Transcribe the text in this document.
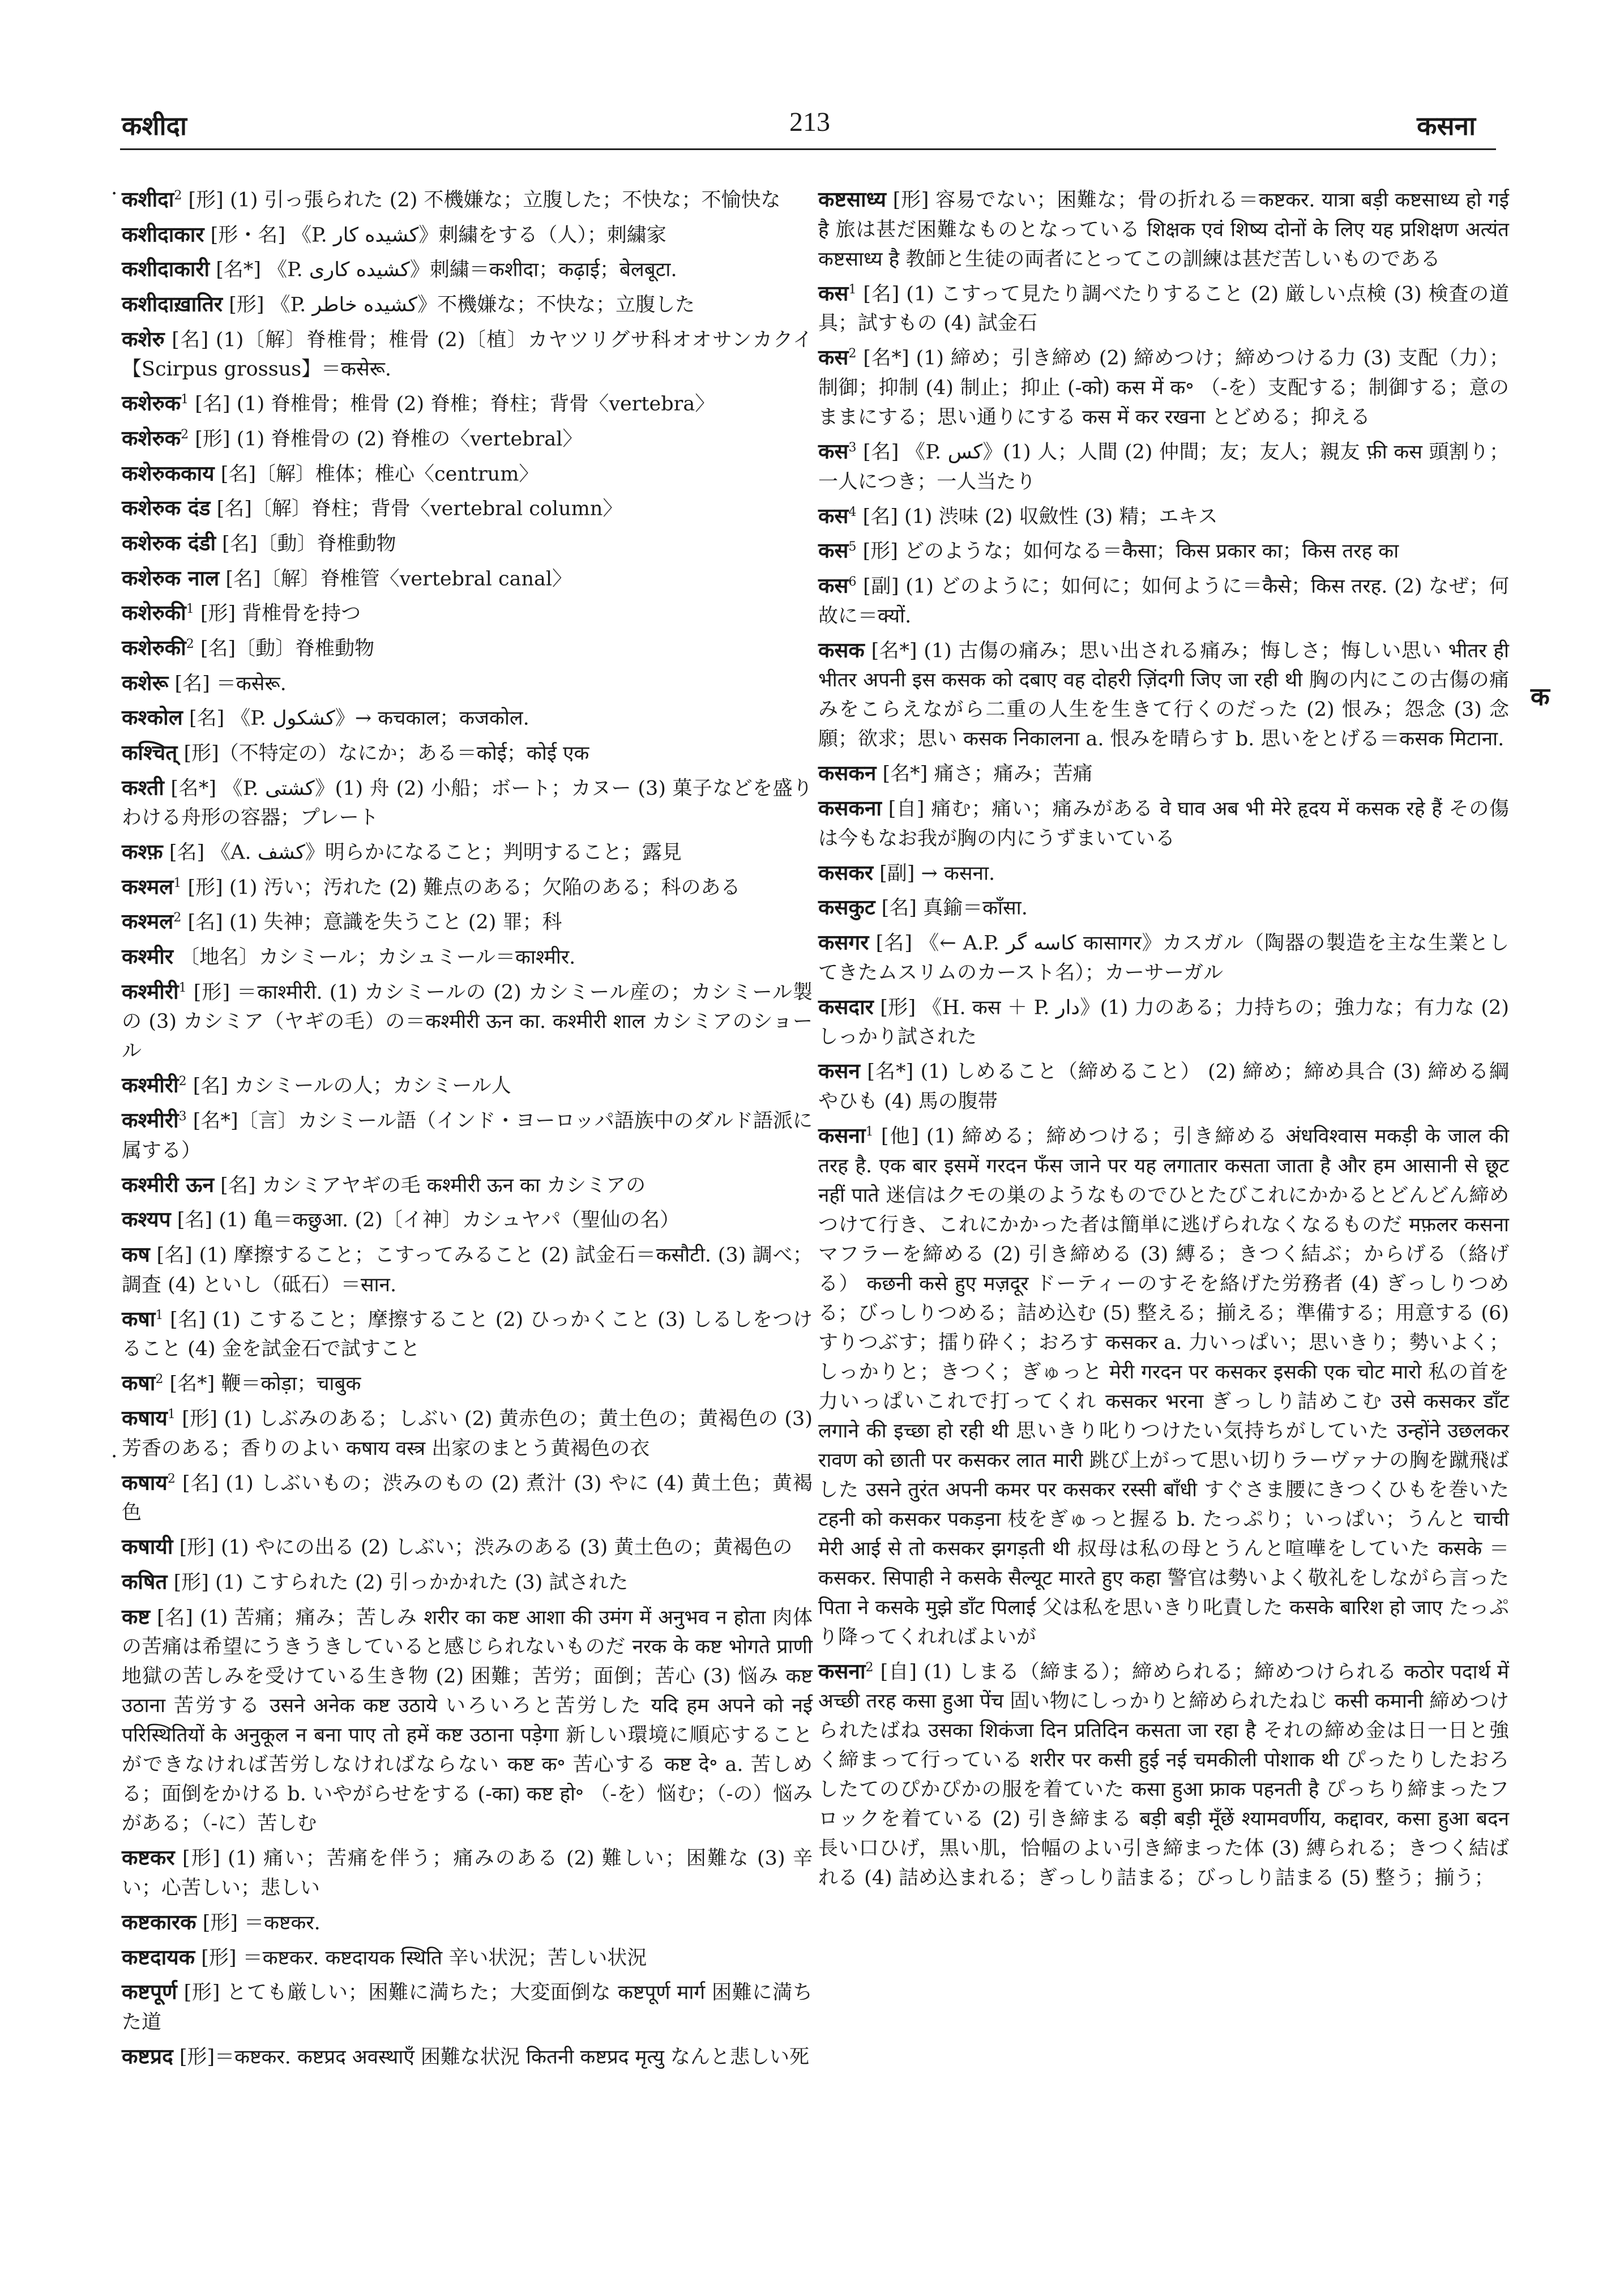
कशीदा	213	कसना
·
·
कशीदा$^2$ [形] (1) 引っ張られた (2) 不機嫌な；立腹した；不快な；不愉快な
कशीदाकार [形・名] 《P. کشیده کار》刺繍をする（人）；刺繍家
कशीदाकारी [名*] 《P. کشیده کاری》刺繍＝कशीदा；कढ़ाई；बेलबूटा.
कशीदाख़ातिर [形] 《P. کشیده خاطر》不機嫌な；不快な；立腹した
कशेरु [名] (1)〔解〕脊椎骨；椎骨 (2)〔植〕カヤツリグサ科オオサンカクイ【Scirpus grossus】＝कसेरू.
कशेरुक$^1$ [名] (1) 脊椎骨；椎骨 (2) 脊椎；脊柱；背骨〈vertebra〉
कशेरुक$^2$ [形] (1) 脊椎骨の (2) 脊椎の〈vertebral〉
कशेरुककाय [名]〔解〕椎体；椎心〈centrum〉
कशेरुक दंड [名]〔解〕脊柱；背骨〈vertebral column〉
कशेरुक दंडी [名]〔動〕脊椎動物
कशेरुक नाल [名]〔解〕脊椎管〈vertebral canal〉
कशेरुकी$^1$ [形] 背椎骨を持つ
कशेरुकी$^2$ [名]〔動〕脊椎動物
कशेरू [名] ＝कसेरू.
कश्कोल [名] 《P. کشکول》→ कचकाल；कजकोल.
कश्चित् [形]（不特定の）なにか；ある＝कोई；कोई एक
कश्ती [名*] 《P. کشتی》(1) 舟 (2) 小船；ボート；カヌー (3) 菓子などを盛りわける舟形の容器；プレート
कश्फ़ [名] 《A. کشف》明らかになること；判明すること；露見
कश्मल$^1$ [形] (1) 汚い；汚れた (2) 難点のある；欠陥のある；科のある
कश्मल$^2$ [名] (1) 失神；意識を失うこと (2) 罪；科
कश्मीर 〔地名〕カシミール；カシュミール＝काश्मीर.
कश्मीरी$^1$ [形] ＝काश्मीरी. (1) カシミールの (2) カシミール産の；カシミール製の (3) カシミア（ヤギの毛）の＝कश्मीरी ऊन का. कश्मीरी शाल カシミアのショール
कश्मीरी$^2$ [名] カシミールの人；カシミール人
कश्मीरी$^3$ [名*]〔言〕カシミール語（インド・ヨーロッパ語族中のダルド語派に属する）
कश्मीरी ऊन [名] カシミアヤギの毛 कश्मीरी ऊन का カシミアの
कश्यप [名] (1) 亀＝कछुआ. (2)〔イ神〕カシュヤパ（聖仙の名）
कष [名] (1) 摩擦すること；こすってみること (2) 試金石＝कसौटी. (3) 調べ；調査 (4) といし（砥石）＝सान.
कषा$^1$ [名] (1) こすること；摩擦すること (2) ひっかくこと (3) しるしをつけること (4) 金を試金石で試すこと
कषा$^2$ [名*] 鞭＝कोड़ा；चाबुक
कषाय$^1$ [形] (1) しぶみのある；しぶい (2) 黄赤色の；黄土色の；黄褐色の (3) 芳香のある；香りのよい कषाय वस्त्र 出家のまとう黄褐色の衣
कषाय$^2$ [名] (1) しぶいもの；渋みのもの (2) 煮汁 (3) やに (4) 黄土色；黄褐色
कषायी [形] (1) やにの出る (2) しぶい；渋みのある (3) 黄土色の；黄褐色の
कषित [形] (1) こすられた (2) 引っかかれた (3) 試された
कष्ट [名] (1) 苦痛；痛み；苦しみ शरीर का कष्ट आशा की उमंग में अनुभव न होता 肉体の苦痛は希望にうきうきしていると感じられないものだ नरक के कष्ट भोगते प्राणी 地獄の苦しみを受けている生き物 (2) 困難；苦労；面倒；苦心 (3) 悩み कष्ट उठाना 苦労する उसने अनेक कष्ट उठाये いろいろと苦労した यदि हम अपने को नई परिस्थितियों के अनुकूल न बना पाए तो हमें कष्ट उठाना पड़ेगा 新しい環境に順応することができなければ苦労しなければならない कष्ट क॰ 苦心する कष्ट दे॰ a. 苦しめる；面倒をかける b. いやがらせをする (-का) कष्ट हो॰ （-を）悩む；（-の）悩みがある；（-に）苦しむ
कष्टकर [形] (1) 痛い；苦痛を伴う；痛みのある (2) 難しい；困難な (3) 辛い；心苦しい；悲しい
कष्टकारक [形] ＝कष्टकर.
कष्टदायक [形] ＝कष्टकर. कष्टदायक स्थिति 辛い状況；苦しい状況
कष्टपूर्ण [形] とても厳しい；困難に満ちた；大変面倒な कष्टपूर्ण मार्ग 困難に満ちた道
कष्टप्रद [形]＝कष्टकर. कष्टप्रद अवस्थाएँ 困難な状況 कितनी कष्टप्रद मृत्यु なんと悲しい死
कष्टसाध्य [形] 容易でない；困難な；骨の折れる＝कष्टकर. यात्रा बड़ी कष्टसाध्य हो गई है 旅は甚だ困難なものとなっている शिक्षक एवं शिष्य दोनों के लिए यह प्रशिक्षण अत्यंत कष्टसाध्य है 教師と生徒の両者にとってこの訓練は甚だ苦しいものである
कस$^1$ [名] (1) こすって見たり調べたりすること (2) 厳しい点検 (3) 検査の道具；試すもの (4) 試金石
कस$^2$ [名*] (1) 締め；引き締め (2) 締めつけ；締めつける力 (3) 支配（力）；制御；抑制 (4) 制止；抑止 (-को) कस में क॰ （-を）支配する；制御する；意のままにする；思い通りにする कस में कर रखना とどめる；抑える
कस$^3$ [名] 《P. کس》(1) 人；人間 (2) 仲間；友；友人；親友 फ़ी कस 頭割り；一人につき；一人当たり
कस$^4$ [名] (1) 渋味 (2) 収斂性 (3) 精；エキス
कस$^5$ [形] どのような；如何なる＝कैसा；किस प्रकार का；किस तरह का
कस$^6$ [副] (1) どのように；如何に；如何ように＝कैसे；किस तरह. (2) なぜ；何故に＝क्यों.
कसक [名*] (1) 古傷の痛み；思い出される痛み；悔しさ；悔しい思い भीतर ही भीतर अपनी इस कसक को दबाए वह दोहरी ज़िंदगी जिए जा रही थी 胸の内にこの古傷の痛みをこらえながら二重の人生を生きて行くのだった (2) 恨み；怨念 (3) 念願；欲求；思い कसक निकालना a. 恨みを晴らす b. 思いをとげる＝कसक मिटाना.
कसकन [名*] 痛さ；痛み；苦痛
कसकना [自] 痛む；痛い；痛みがある वे घाव अब भी मेरे हृदय में कसक रहे हैं その傷は今もなお我が胸の内にうずまいている
कसकर [副] → कसना.
कसकुट [名] 真鍮＝काँसा.
कसगर [名] 《← A.P. کاسه گر कासागर》カスガル（陶器の製造を主な生業としてきたムスリムのカースト名）；カーサーガル
कसदार [形] 《H. कस ＋ P. دار》(1) 力のある；力持ちの；強力な；有力な (2) しっかり試された
कसन [名*] (1) しめること（締めること） (2) 締め；締め具合 (3) 締める綱やひも (4) 馬の腹帯
कसना$^1$ [他] (1) 締める；締めつける；引き締める अंधविश्वास मकड़ी के जाल की तरह है. एक बार इसमें गरदन फँस जाने पर यह लगातार कसता जाता है और हम आसानी से छूट नहीं पाते 迷信はクモの巣のようなものでひとたびこれにかかるとどんどん締めつけて行き、これにかかった者は簡単に逃げられなくなるものだ मफ़लर कसना マフラーを締める (2) 引き締める (3) 縛る；きつく結ぶ；からげる（絡げる） कछनी कसे हुए मज़दूर ドーティーのすそを絡げた労務者 (4) ぎっしりつめる；びっしりつめる；詰め込む (5) 整える；揃える；準備する；用意する (6) すりつぶす；擂り砕く；おろす कसकर a. 力いっぱい；思いきり；勢いよく；しっかりと；きつく；ぎゅっと मेरी गरदन पर कसकर इसकी एक चोट मारो 私の首を力いっぱいこれで打ってくれ कसकर भरना ぎっしり詰めこむ उसे कसकर डाँट लगाने की इच्छा हो रही थी 思いきり叱りつけたい気持ちがしていた उन्होंने उछलकर रावण को छाती पर कसकर लात मारी 跳び上がって思い切りラーヴァナの胸を蹴飛ばした उसने तुरंत अपनी कमर पर कसकर रस्सी बाँधी すぐさま腰にきつくひもを巻いた टहनी को कसकर पकड़ना 枝をぎゅっと握る b. たっぷり；いっぱい；うんと चाची मेरी आई से तो कसकर झगड़ती थी 叔母は私の母とうんと喧嘩をしていた कसके ＝कसकर. सिपाही ने कसके सैल्यूट मारते हुए कहा 警官は勢いよく敬礼をしながら言った पिता ने कसके मुझे डाँट पिलाई 父は私を思いきり叱責した कसके बारिश हो जाए たっぷり降ってくれればよいが
कसना$^2$ [自] (1) しまる（締まる）；締められる；締めつけられる कठोर पदार्थ में अच्छी तरह कसा हुआ पेंच 固い物にしっかりと締められたねじ कसी कमानी 締めつけられたばね उसका शिकंजा दिन प्रतिदिन कसता जा रहा है それの締め金は日一日と強く締まって行っている शरीर पर कसी हुई नई चमकीली पोशाक थी ぴったりしたおろしたてのぴかぴかの服を着ていた कसा हुआ फ्राक पहनती है ぴっちり締まったフロックを着ている (2) 引き締まる बड़ी बड़ी मूँछें श्यामवर्णीय, कद्दावर, कसा हुआ बदन 長い口ひげ，黒い肌，恰幅のよい引き締まった体 (3) 縛られる；きつく結ばれる (4) 詰め込まれる；ぎっしり詰まる；びっしり詰まる (5) 整う；揃う；
क
